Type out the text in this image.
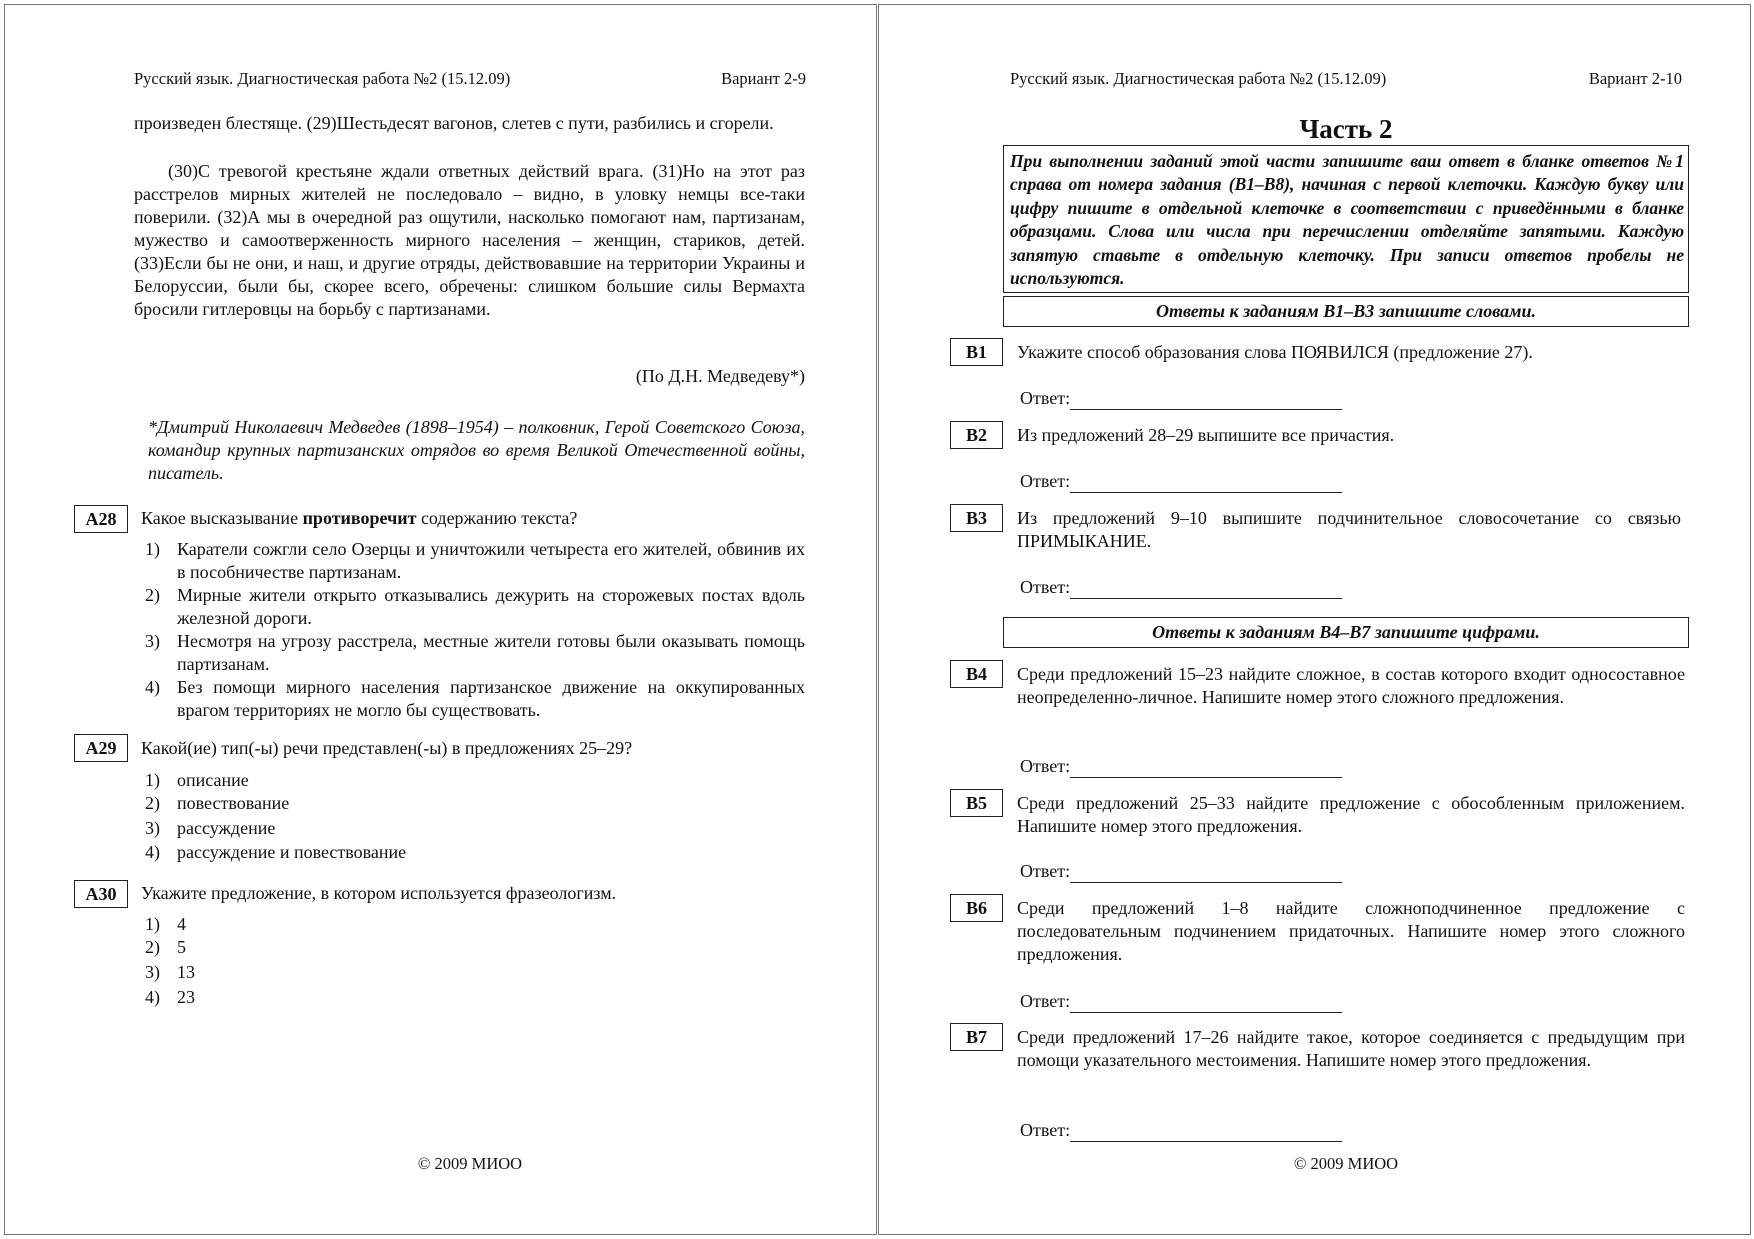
Русский язык. Диагностическая работа №2 (15.12.09)	Вариант 2-9
произведен блестяще. (29)Шестьдесят вагонов, слетев с пути, разбились и сгорели.
(30)С тревогой крестьяне ждали ответных действий врага. (31)Но на этот раз расстрелов мирных жителей не последовало – видно, в уловку немцы все-таки поверили. (32)А мы в очередной раз ощутили, насколько помогают нам, партизанам, мужество и самоотверженность мирного населения – женщин, стариков, детей. (33)Если бы не они, и наш, и другие отряды, действовавшие на территории Украины и Белоруссии, были бы, скорее всего, обречены: слишком большие силы Вермахта бросили гитлеровцы на борьбу с партизанами.
(По Д.Н. Медведеву*)
*Дмитрий Николаевич Медведев (1898–1954) – полковник, Герой Советского Союза, командир крупных партизанских отрядов во время Великой Отечественной войны, писатель.
A28	Какое высказывание противоречит содержанию текста?
1) Каратели сожгли село Озерцы и уничтожили четыреста его жителей, обвинив их в пособничестве партизанам.
2) Мирные жители открыто отказывались дежурить на сторожевых постах вдоль железной дороги.
3) Несмотря на угрозу расстрела, местные жители готовы были оказывать помощь партизанам.
4) Без помощи мирного населения партизанское движение на оккупированных врагом территориях не могло бы существовать.
A29	Какой(ие) тип(-ы) речи представлен(-ы) в предложениях 25–29?
1) описание
2) повествование
3) рассуждение
4) рассуждение и повествование
A30	Укажите предложение, в котором используется фразеологизм.
1) 4
2) 5
3) 13
4) 23
© 2009 МИОО
Русский язык. Диагностическая работа №2 (15.12.09)	Вариант 2-10
Часть 2
При выполнении заданий этой части запишите ваш ответ в бланке ответов №1 справа от номера задания (B1–B8), начиная с первой клеточки. Каждую букву или цифру пишите в отдельной клеточке в соответствии с приведёнными в бланке образцами. Слова или числа при перечислении отделяйте запятыми. Каждую запятую ставьте в отдельную клеточку. При записи ответов пробелы не используются.
Ответы к заданиям B1–B3 запишите словами.
B1	Укажите способ образования слова ПОЯВИЛСЯ (предложение 27).
Ответ:
B2	Из предложений 28–29 выпишите все причастия.
Ответ:
B3	Из предложений 9–10 выпишите подчинительное словосочетание со связью ПРИМЫКАНИЕ.
Ответ:
Ответы к заданиям B4–B7 запишите цифрами.
B4	Среди предложений 15–23 найдите сложное, в состав которого входит односоставное неопределенно-личное. Напишите номер этого сложного предложения.
Ответ:
B5	Среди предложений 25–33 найдите предложение с обособленным приложением. Напишите номер этого предложения.
Ответ:
B6	Среди предложений 1–8 найдите сложноподчиненное предложение с последовательным подчинением придаточных. Напишите номер этого сложного предложения.
Ответ:
B7	Среди предложений 17–26 найдите такое, которое соединяется с предыдущим при помощи указательного местоимения. Напишите номер этого предложения.
Ответ:
© 2009 МИОО
